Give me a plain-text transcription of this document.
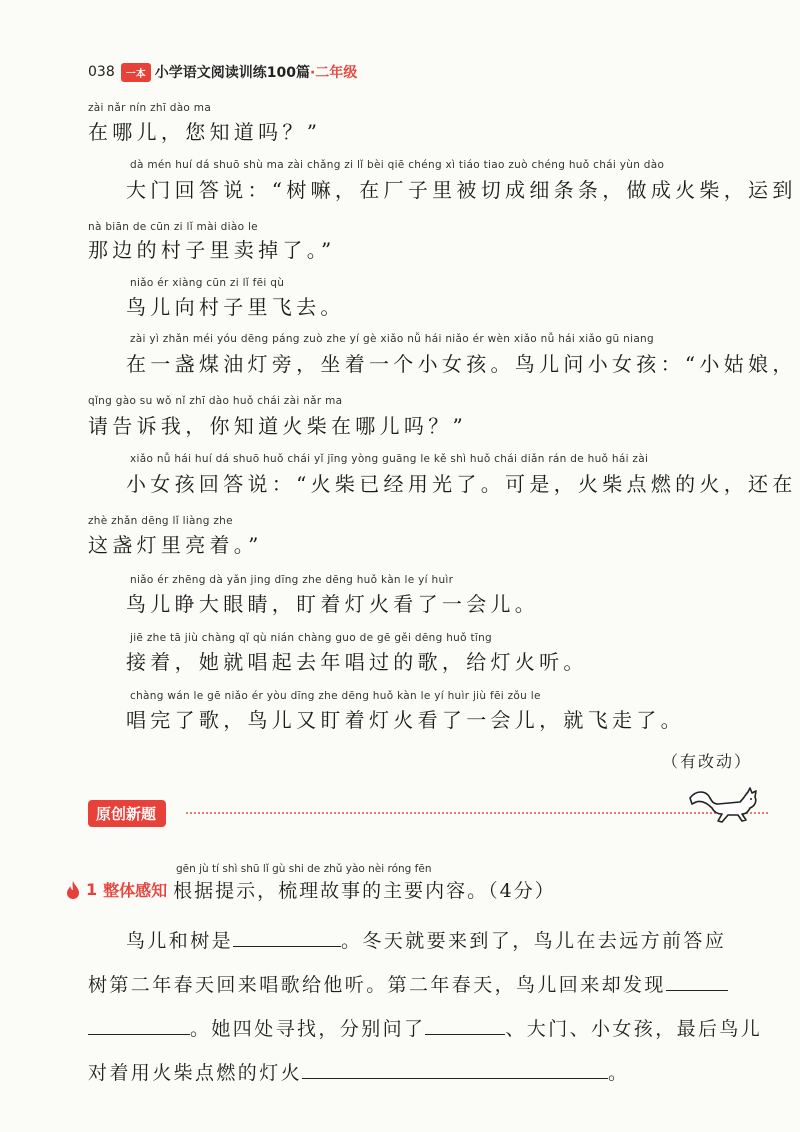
038	一本 小学语文阅读训练100篇 ·二年级
zài nǎr nín zhī dào ma
在哪儿，您知道吗？”
dà mén huí dá shuō shù ma zài chǎng zi lǐ bèi qiē chéng xì tiáo tiao zuò chéng huǒ chái yùn dào
大门回答说：“树嘛，在厂子里被切成细条条，做成火柴，运到
nà biān de cūn zi lǐ mài diào le
那边的村子里卖掉了。”
niǎo ér xiàng cūn zi lǐ fēi qù
鸟儿向村子里飞去。
zài yì zhǎn méi yóu dēng páng zuò zhe yí gè xiǎo nǚ hái niǎo ér wèn xiǎo nǚ hái xiǎo gū niang
在一盏煤油灯旁，坐着一个小女孩。鸟儿问小女孩：“小姑娘，
qǐng gào su wǒ nǐ zhī dào huǒ chái zài nǎr ma
请告诉我，你知道火柴在哪儿吗？”
xiǎo nǚ hái huí dá shuō huǒ chái yǐ jīng yòng guāng le kě shì huǒ chái diǎn rán de huǒ hái zài
小女孩回答说：“火柴已经用光了。可是，火柴点燃的火，还在
zhè zhǎn dēng lǐ liàng zhe
这盏灯里亮着。”
niǎo ér zhēng dà yǎn jing dīng zhe dēng huǒ kàn le yí huìr
鸟儿睁大眼睛，盯着灯火看了一会儿。
jiē zhe tā jiù chàng qǐ qù nián chàng guo de gē gěi dēng huǒ tīng
接着，她就唱起去年唱过的歌，给灯火听。
chàng wán le gē niǎo ér yòu dīng zhe dēng huǒ kàn le yí huìr jiù fēi zǒu le
唱完了歌，鸟儿又盯着灯火看了一会儿，就飞走了。
（有改动）
原创新题
gēn jù tí shì shū lǐ gù shi de zhǔ yào nèi róng fēn
1 整体感知 根据提示，梳理故事的主要内容。（4分）
鸟儿和树是	。冬天就要来到了，鸟儿在去远方前答应
树第二年春天回来唱歌给他听。第二年春天，鸟儿回来却发现
。她四处寻找，分别问了	、大门、小女孩，最后鸟儿
对着用火柴点燃的灯火	。
